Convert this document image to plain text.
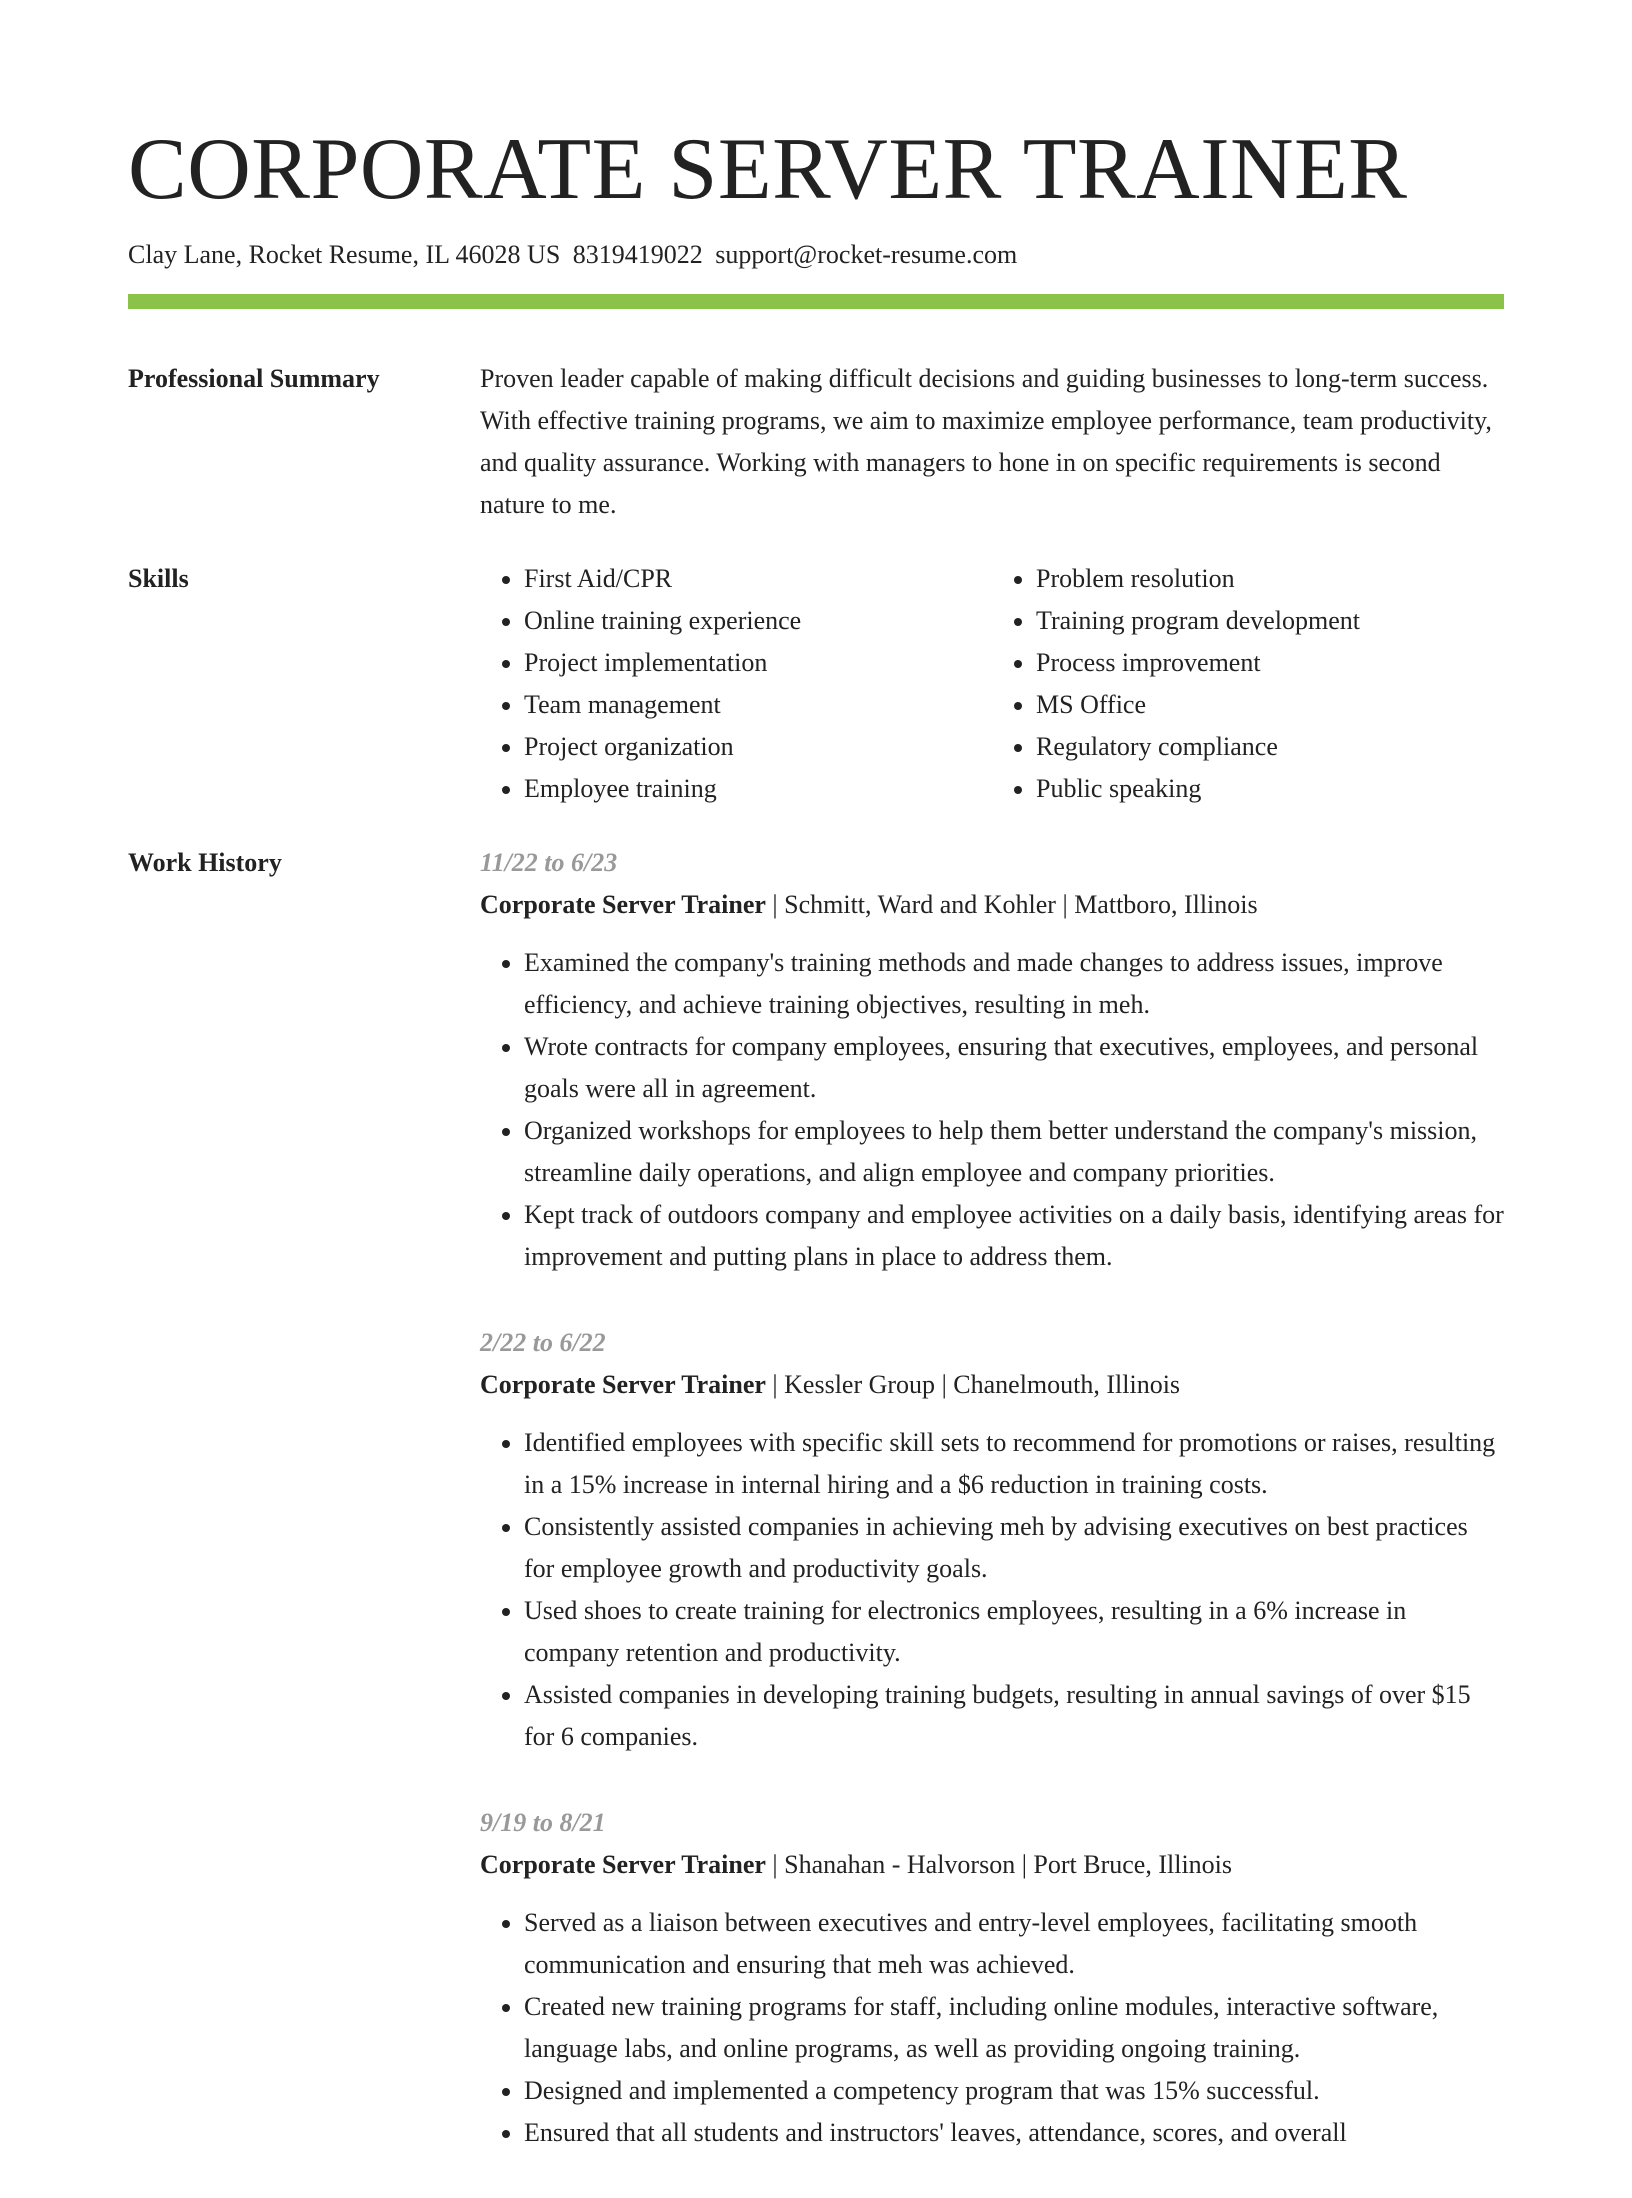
CORPORATE SERVER TRAINER
Clay Lane, Rocket Resume, IL 46028 US 8319419022 support@rocket-resume.com
Professional Summary	Proven leader capable of making difficult decisions and guiding businesses to long-term success. With effective training programs, we aim to maximize employee performance, team productivity, and quality assurance. Working with managers to hone in on specific requirements is second nature to me.

Skills
•	First Aid/CPR
• Online training experience
• Project implementation
• Team management
• Project organization
• Employee training
• Problem resolution
• Training program development
• Process improvement
• MS Office
• Regulatory compliance
• Public speaking
Work History	11/22 to 6/23
Corporate Server Trainer | Schmitt, Ward and Kohler | Mattboro, Illinois
• Examined the company's training methods and made changes to address issues, improve efficiency, and achieve training objectives, resulting in meh.
• Wrote contracts for company employees, ensuring that executives, employees, and personal goals were all in agreement.
• Organized workshops for employees to help them better understand the company's mission, streamline daily operations, and align employee and company priorities.
• Kept track of outdoors company and employee activities on a daily basis, identifying areas for improvement and putting plans in place to address them.
2/22 to 6/22
Corporate Server Trainer | Kessler Group | Chanelmouth, Illinois
• Identified employees with specific skill sets to recommend for promotions or raises, resulting in a 15% increase in internal hiring and a $6 reduction in training costs.
• Consistently assisted companies in achieving meh by advising executives on best practices for employee growth and productivity goals.
• Used shoes to create training for electronics employees, resulting in a 6% increase in company retention and productivity.
• Assisted companies in developing training budgets, resulting in annual savings of over $15 for 6 companies.
9/19 to 8/21
Corporate Server Trainer | Shanahan - Halvorson | Port Bruce, Illinois
• Served as a liaison between executives and entry-level employees, facilitating smooth communication and ensuring that meh was achieved.
• Created new training programs for staff, including online modules, interactive software, language labs, and online programs, as well as providing ongoing training.
• Designed and implemented a competency program that was 15% successful.
• Ensured that all students and instructors' leaves, attendance, scores, and overall
